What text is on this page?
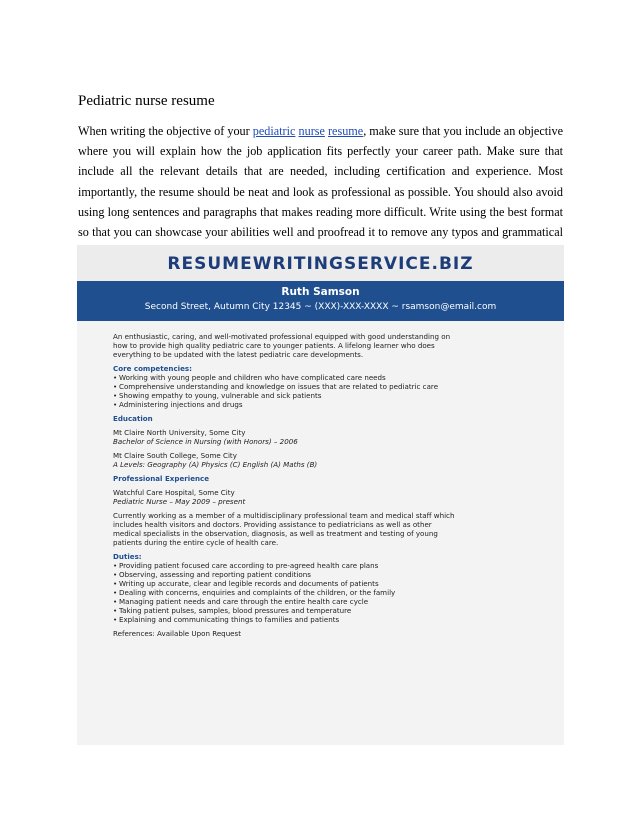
Pediatric nurse resume

When writing the objective of your pediatric nurse resume, make sure that you include an objective where you will explain how the job application fits perfectly your career path. Make sure that include all the relevant details that are needed, including certification and experience. Most importantly, the resume should be neat and look as professional as possible. You should also avoid using long sentences and paragraphs that makes reading more difficult. Write using the best format so that you can showcase your abilities well and proofread it to remove any typos and grammatical

RESUMEWRITINGSERVICE.BIZ
Ruth Samson
Second Street, Autumn City 12345 ~ (XXX)-XXX-XXXX ~ rsamson@email.com

An enthusiastic, caring, and well-motivated professional equipped with good understanding on

how to provide high quality pediatric care to younger patients. A lifelong learner who does

everything to be updated with the latest pediatric care developments.

Core competencies:

• Working with young people and children who have complicated care needs

• Comprehensive understanding and knowledge on issues that are related to pediatric care

• Showing empathy to young, vulnerable and sick patients

• Administering injections and drugs

Education

Mt Claire North University, Some City

Bachelor of Science in Nursing (with Honors) – 2006

Mt Claire South College, Some City

A Levels: Geography (A) Physics (C) English (A) Maths (B)

Professional Experience

Watchful Care Hospital, Some City

Pediatric Nurse – May 2009 – present

Currently working as a member of a multidisciplinary professional team and medical staff which

includes health visitors and doctors. Providing assistance to pediatricians as well as other

medical specialists in the observation, diagnosis, as well as treatment and testing of young

patients during the entire cycle of health care.

Duties:

• Providing patient focused care according to pre-agreed health care plans

• Observing, assessing and reporting patient conditions

• Writing up accurate, clear and legible records and documents of patients

• Dealing with concerns, enquiries and complaints of the children, or the family

• Managing patient needs and care through the entire health care cycle

• Taking patient pulses, samples, blood pressures and temperature

• Explaining and communicating things to families and patients

References: Available Upon Request
